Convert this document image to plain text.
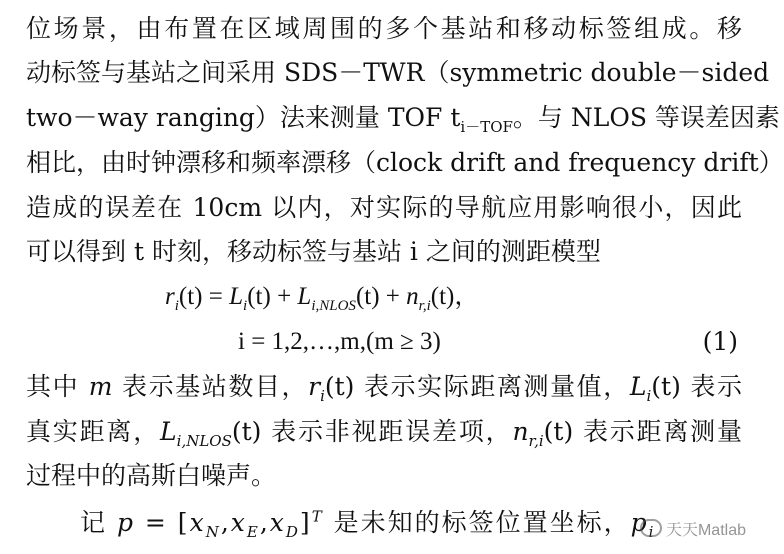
位场景，由布置在区域周围的多个基站和移动标签组成。移
动标签与基站之间采用 SDS－TWR（symmetric double－sided
two－way ranging）法来测量 TOF $t_{i-TOF}$。与 NLOS 等误差因素
相比，由时钟漂移和频率漂移（clock drift and frequency drift）
造成的误差在 10cm 以内，对实际的导航应用影响很小，因此
可以得到 t 时刻，移动标签与基站 i 之间的测距模型
$r_i(t) = L_i(t) + L_{i,NLOS}(t) + n_{r,i}(t)$，
i = 1,2,…,m,(m ≥ 3)	(1)
其中 m 表示基站数目，$r_i(t)$ 表示实际距离测量值，$L_i(t)$ 表示
真实距离，$L_{i,NLOS}(t)$ 表示非视距误差项，$n_{r,i}(t)$ 表示距离测量
过程中的高斯白噪声。
记 $p = [x_N,x_E,x_D]^T$ 是未知的标签位置坐标，$p_i$ 天天Matlab
